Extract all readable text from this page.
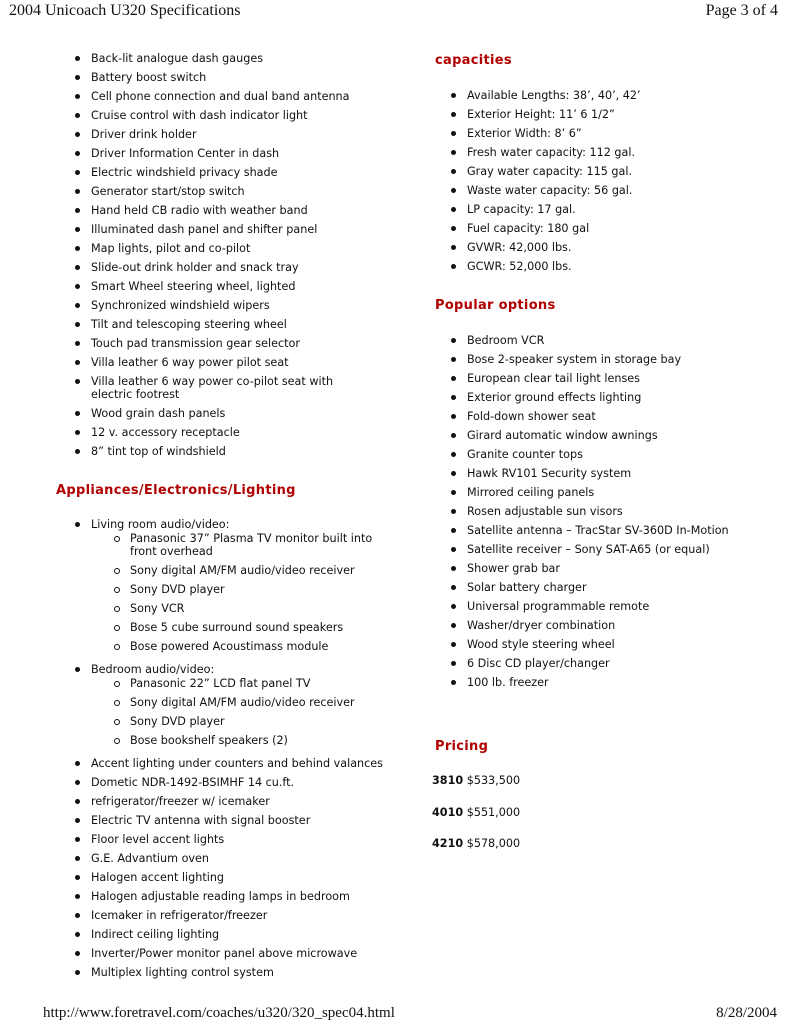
2004 Unicoach U320 Specifications	Page 3 of 4
Back-lit analogue dash gauges
Battery boost switch
Cell phone connection and dual band antenna
Cruise control with dash indicator light
Driver drink holder
Driver Information Center in dash
Electric windshield privacy shade
Generator start/stop switch
Hand held CB radio with weather band
Illuminated dash panel and shifter panel
Map lights, pilot and co-pilot
Slide-out drink holder and snack tray
Smart Wheel steering wheel, lighted
Synchronized windshield wipers
Tilt and telescoping steering wheel
Touch pad transmission gear selector
Villa leather 6 way power pilot seat
Villa leather 6 way power co-pilot seat with electric footrest
Wood grain dash panels
12 v. accessory receptacle
8” tint top of windshield
Appliances/Electronics/Lighting
Living room audio/video:
Panasonic 37” Plasma TV monitor built into front overhead
Sony digital AM/FM audio/video receiver
Sony DVD player
Sony VCR
Bose 5 cube surround sound speakers
Bose powered Acoustimass module
Bedroom audio/video:
Panasonic 22” LCD flat panel TV
Sony digital AM/FM audio/video receiver
Sony DVD player
Bose bookshelf speakers (2)
Accent lighting under counters and behind valances
Dometic NDR-1492-BSIMHF 14 cu.ft.
refrigerator/freezer w/ icemaker
Electric TV antenna with signal booster
Floor level accent lights
G.E. Advantium oven
Halogen accent lighting
Halogen adjustable reading lamps in bedroom
Icemaker in refrigerator/freezer
Indirect ceiling lighting
Inverter/Power monitor panel above microwave
Multiplex lighting control system
capacities
Available Lengths: 38’, 40’, 42’
Exterior Height: 11’ 6 1/2”
Exterior Width: 8’ 6”
Fresh water capacity: 112 gal.
Gray water capacity: 115 gal.
Waste water capacity: 56 gal.
LP capacity: 17 gal.
Fuel capacity: 180 gal
GVWR: 42,000 lbs.
GCWR: 52,000 lbs.
Popular options
Bedroom VCR
Bose 2-speaker system in storage bay
European clear tail light lenses
Exterior ground effects lighting
Fold-down shower seat
Girard automatic window awnings
Granite counter tops
Hawk RV101 Security system
Mirrored ceiling panels
Rosen adjustable sun visors
Satellite antenna – TracStar SV-360D In-Motion
Satellite receiver – Sony SAT-A65 (or equal)
Shower grab bar
Solar battery charger
Universal programmable remote
Washer/dryer combination
Wood style steering wheel
6 Disc CD player/changer
100 lb. freezer
Pricing
3810 $533,500
4010 $551,000
4210 $578,000
http://www.foretravel.com/coaches/u320/320_spec04.html	8/28/2004
